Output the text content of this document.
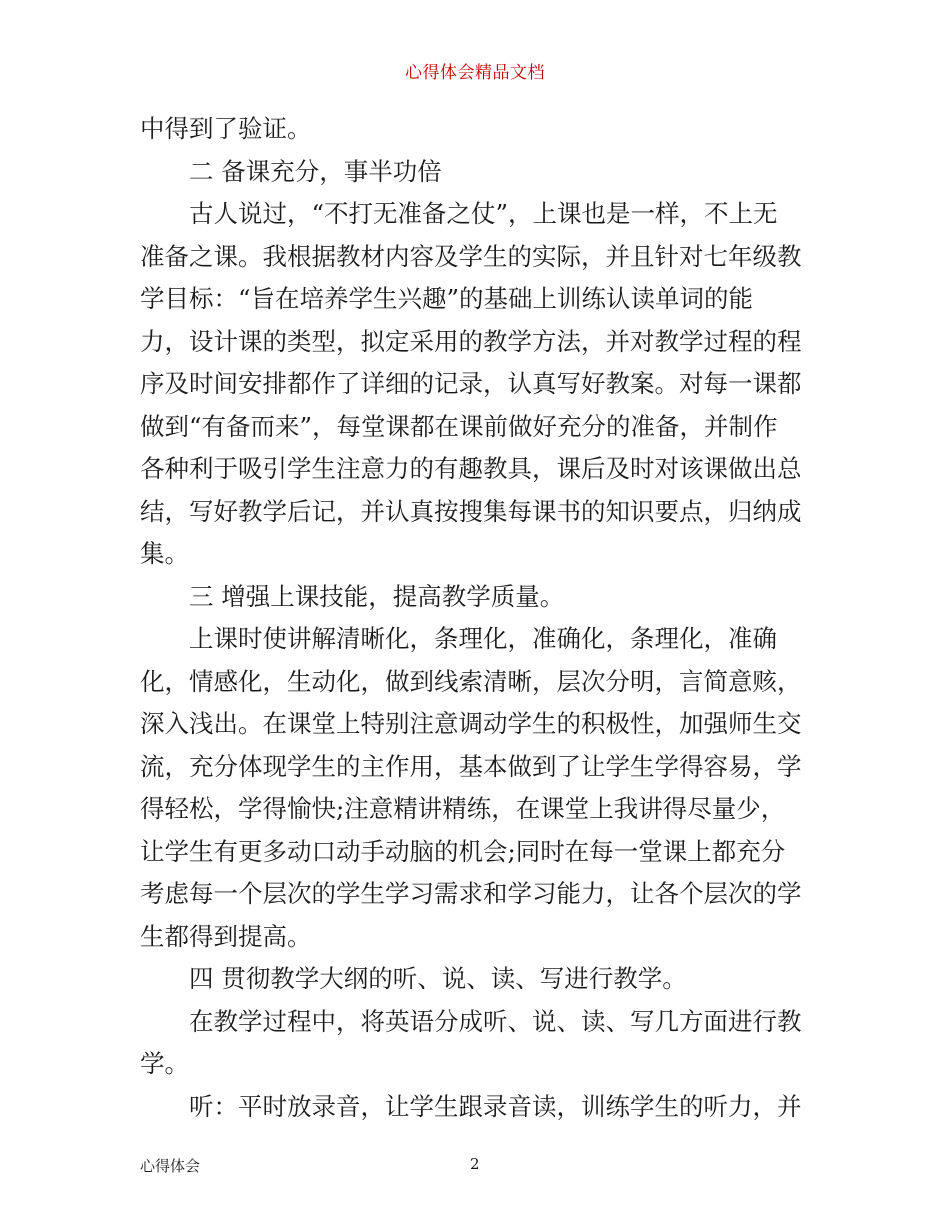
心得体会精品文档
中得到了验证。
二 备课充分，事半功倍
古人说过，“不打无准备之仗”，上课也是一样，不上无
准备之课。我根据教材内容及学生的实际，并且针对七年级教
学目标：“旨在培养学生兴趣”的基础上训练认读单词的能
力，设计课的类型，拟定采用的教学方法，并对教学过程的程
序及时间安排都作了详细的记录，认真写好教案。对每一课都
做到“有备而来”，每堂课都在课前做好充分的准备，并制作
各种利于吸引学生注意力的有趣教具，课后及时对该课做出总
结，写好教学后记，并认真按搜集每课书的知识要点，归纳成
集。
三 增强上课技能，提高教学质量。
上课时使讲解清晰化，条理化，准确化，条理化，准确
化，情感化，生动化，做到线索清晰，层次分明，言简意赅，
深入浅出。在课堂上特别注意调动学生的积极性，加强师生交
流，充分体现学生的主作用，基本做到了让学生学得容易，学
得轻松，学得愉快;注意精讲精练，在课堂上我讲得尽量少，
让学生有更多动口动手动脑的机会;同时在每一堂课上都充分
考虑每一个层次的学生学习需求和学习能力，让各个层次的学
生都得到提高。
四 贯彻教学大纲的听、说、读、写进行教学。
在教学过程中，将英语分成听、说、读、写几方面进行教
学。
听：平时放录音，让学生跟录音读，训练学生的听力，并
心得体会	2
